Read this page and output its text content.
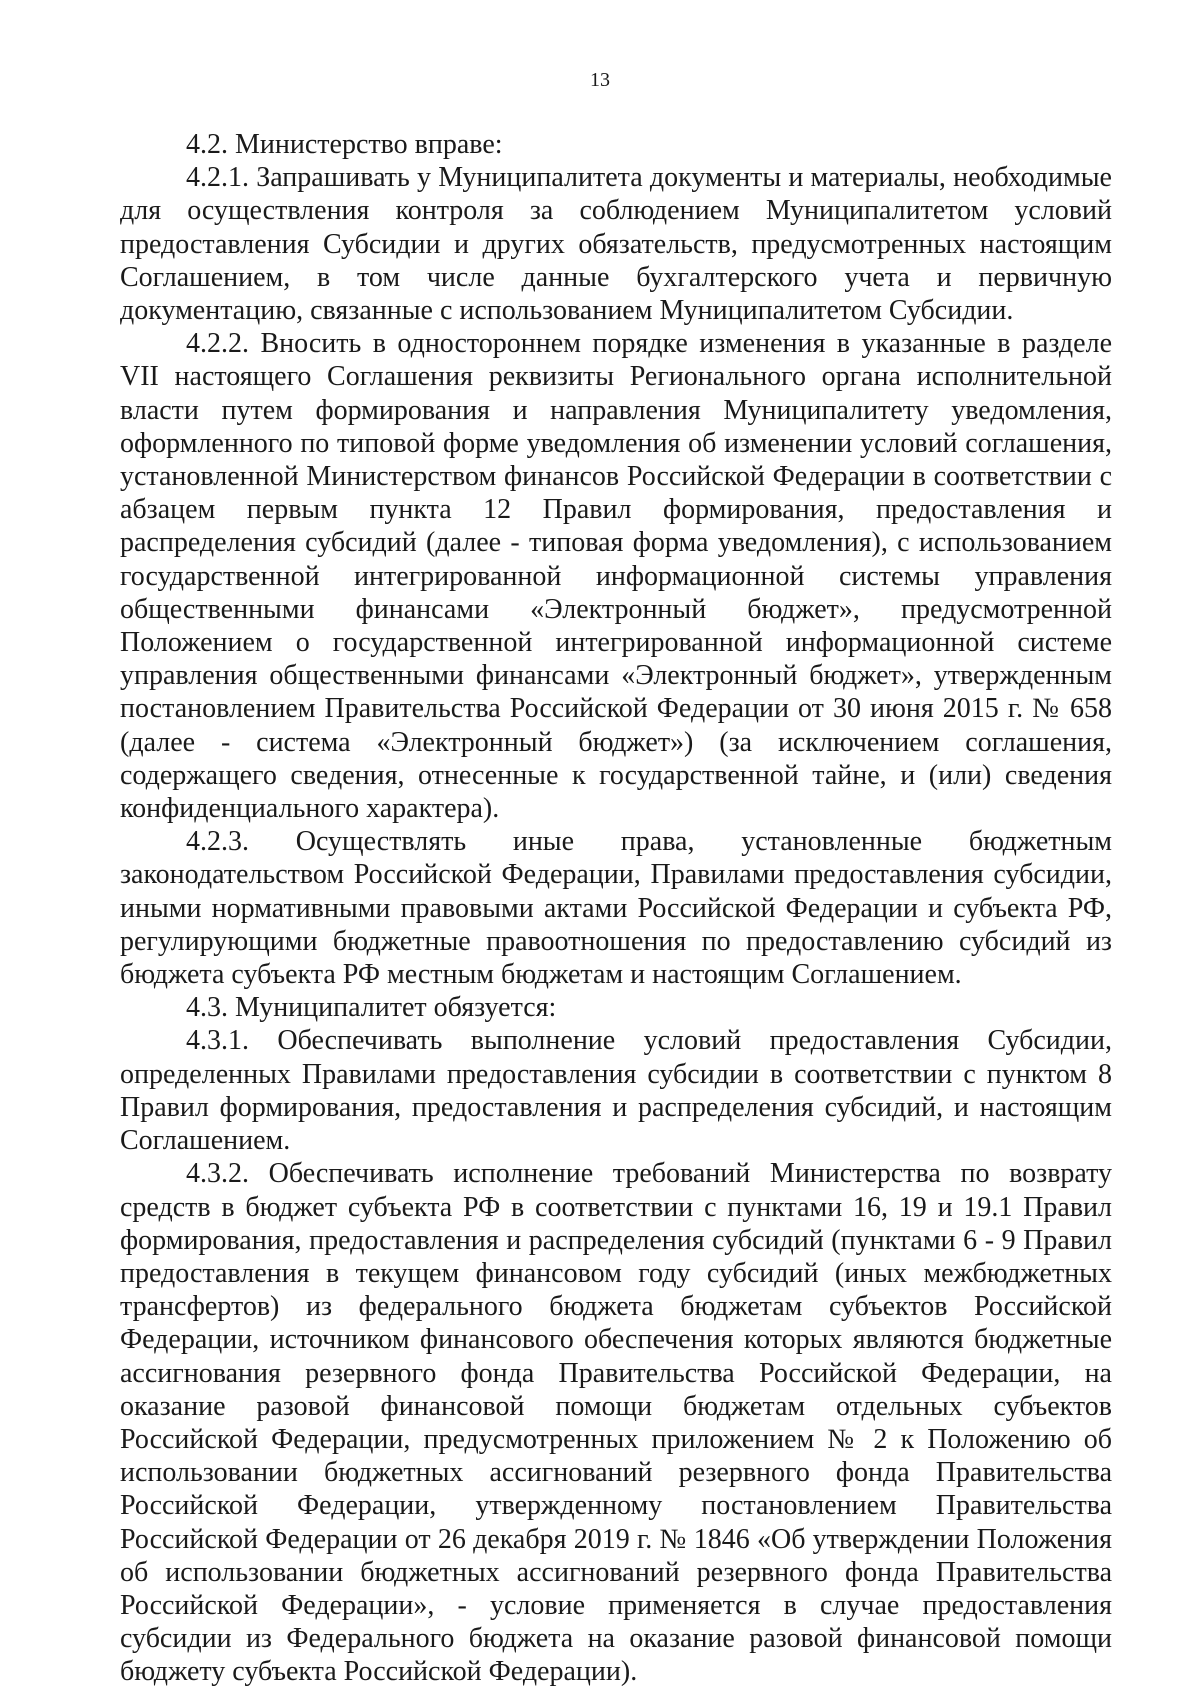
13

4.2. Министерство вправе:

4.2.1. Запрашивать у Муниципалитета документы и материалы, необходимые для осуществления контроля за соблюдением Муниципалитетом условий предоставления Субсидии и других обязательств, предусмотренных настоящим Соглашением, в том числе данные бухгалтерского учета и первичную документацию, связанные с использованием Муниципалитетом Субсидии.

4.2.2. Вносить в одностороннем порядке изменения в указанные в разделе VII настоящего Соглашения реквизиты Регионального органа исполнительной власти путем формирования и направления Муниципалитету уведомления, оформленного по типовой форме уведомления об изменении условий соглашения, установленной Министерством финансов Российской Федерации в соответствии с абзацем первым пункта 12 Правил формирования, предоставления и распределения субсидий (далее - типовая форма уведомления), с использованием государственной интегрированной информационной системы управления общественными финансами «Электронный бюджет», предусмотренной Положением о государственной интегрированной информационной системе управления общественными финансами «Электронный бюджет», утвержденным постановлением Правительства Российской Федерации от 30 июня 2015 г. № 658 (далее - система «Электронный бюджет») (за исключением соглашения, содержащего сведения, отнесенные к государственной тайне, и (или) сведения конфиденциального характера).

4.2.3. Осуществлять иные права, установленные бюджетным законодательством Российской Федерации, Правилами предоставления субсидии, иными нормативными правовыми актами Российской Федерации и субъекта РФ, регулирующими бюджетные правоотношения по предоставлению субсидий из бюджета субъекта РФ местным бюджетам и настоящим Соглашением.

4.3. Муниципалитет обязуется:

4.3.1. Обеспечивать выполнение условий предоставления Субсидии, определенных Правилами предоставления субсидии в соответствии с пунктом 8 Правил формирования, предоставления и распределения субсидий, и настоящим Соглашением.

4.3.2. Обеспечивать исполнение требований Министерства по возврату средств в бюджет субъекта РФ в соответствии с пунктами 16, 19 и 19.1 Правил формирования, предоставления и распределения субсидий (пунктами 6 - 9 Правил предоставления в текущем финансовом году субсидий (иных межбюджетных трансфертов) из федерального бюджета бюджетам субъектов Российской Федерации, источником финансового обеспечения которых являются бюджетные ассигнования резервного фонда Правительства Российской Федерации, на оказание разовой финансовой помощи бюджетам отдельных субъектов Российской Федерации, предусмотренных приложением № 2 к Положению об использовании бюджетных ассигнований резервного фонда Правительства Российской Федерации, утвержденному постановлением Правительства Российской Федерации от 26 декабря 2019 г. № 1846 «Об утверждении Положения об использовании бюджетных ассигнований резервного фонда Правительства Российской Федерации», - условие применяется в случае предоставления субсидии из Федерального бюджета на оказание разовой финансовой помощи бюджету субъекта Российской Федерации).
